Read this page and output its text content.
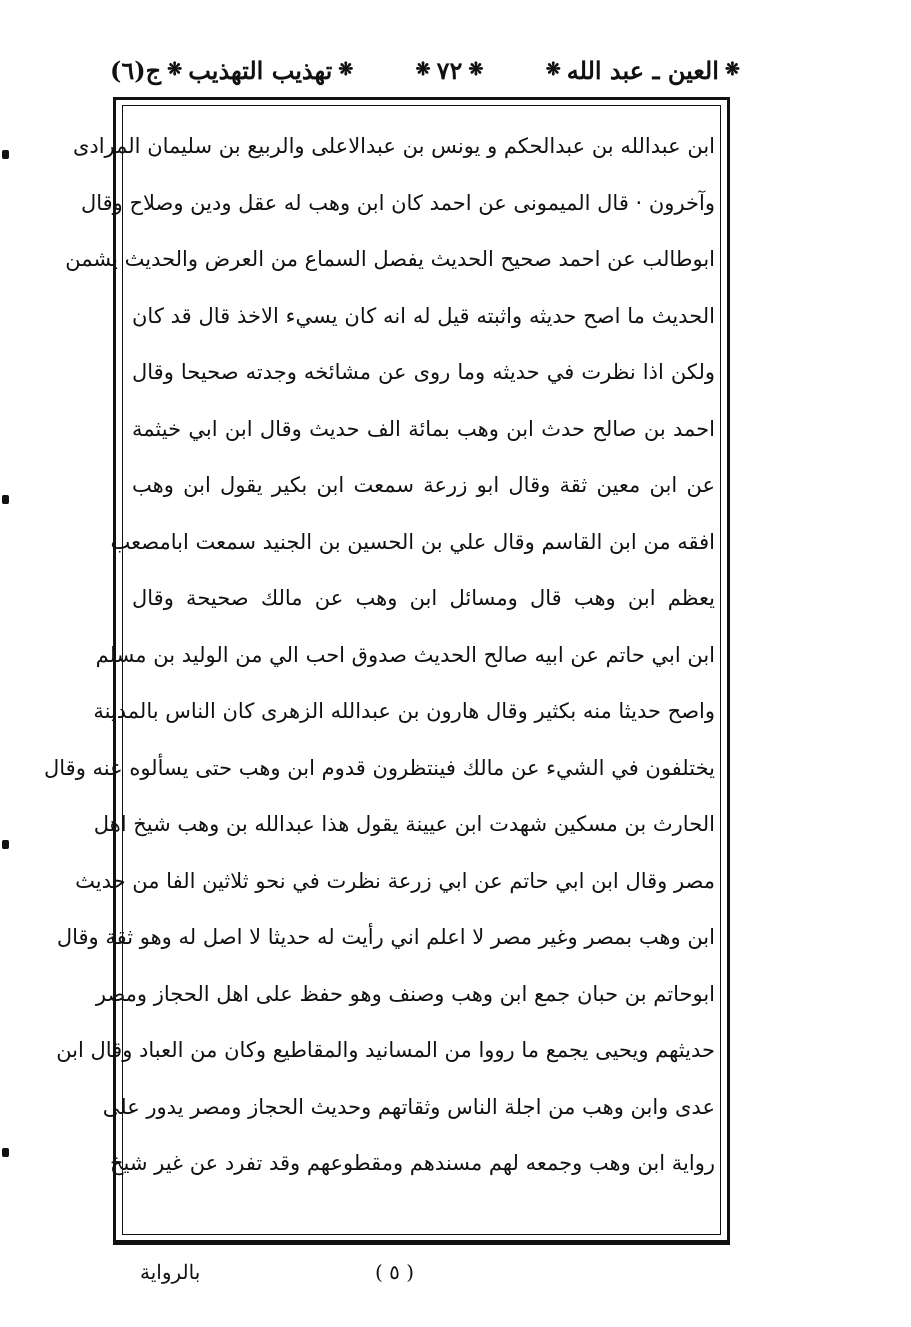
ج(٦) ❋ تهذيب التهذيب ❋	❋ ٧٢ ❋	❋ العين ـ عبد الله ❋
ابن عبدالله بن عبدالحكم و يونس بن عبدالاعلى والربيع بن سليمان المرادى
وآخرون · قال الميمونى عن احمد كان ابن وهب له عقل ودين وصلاح وقال
ابوطالب عن احمد صحيح الحديث يفصل السماع من العرض والحديث يشمن
الحديث ما اصح حديثه واثبته قيل له انه كان يسيء الاخذ قال قد كان
ولكن اذا نظرت في حديثه وما روى عن مشائخه وجدته صحيحا وقال
احمد بن صالح حدث ابن وهب بمائة الف حديث وقال ابن ابي خيثمة
عن ابن معين ثقة وقال ابو زرعة سمعت ابن بكير يقول ابن وهب
افقه من ابن القاسم وقال علي بن الحسين بن الجنيد سمعت ابامصعب
يعظم ابن وهب قال ومسائل ابن وهب عن مالك صحيحة وقال
ابن ابي حاتم عن ابيه صالح الحديث صدوق احب الي من الوليد بن مسلم
واصح حديثا منه بكثير وقال هارون بن عبدالله الزهرى كان الناس بالمدينة
يختلفون في الشيء عن مالك فينتظرون قدوم ابن وهب حتى يسألوه عنه وقال
الحارث بن مسكين شهدت ابن عيينة يقول هذا عبدالله بن وهب شيخ اهل
مصر وقال ابن ابي حاتم عن ابي زرعة نظرت في نحو ثلاثين الفا من حديث
ابن وهب بمصر وغير مصر لا اعلم اني رأيت له حديثا لا اصل له وهو ثقة وقال
ابوحاتم بن حبان جمع ابن وهب وصنف وهو حفظ على اهل الحجاز ومصر
حديثهم ويحيى يجمع ما رووا من المسانيد والمقاطيع وكان من العباد وقال ابن
عدى وابن وهب من اجلة الناس وثقاتهم وحديث الحجاز ومصر يدور على
رواية ابن وهب وجمعه لهم مسندهم ومقطوعهم وقد تفرد عن غير شيخ
بالرواية	( ٥ )
